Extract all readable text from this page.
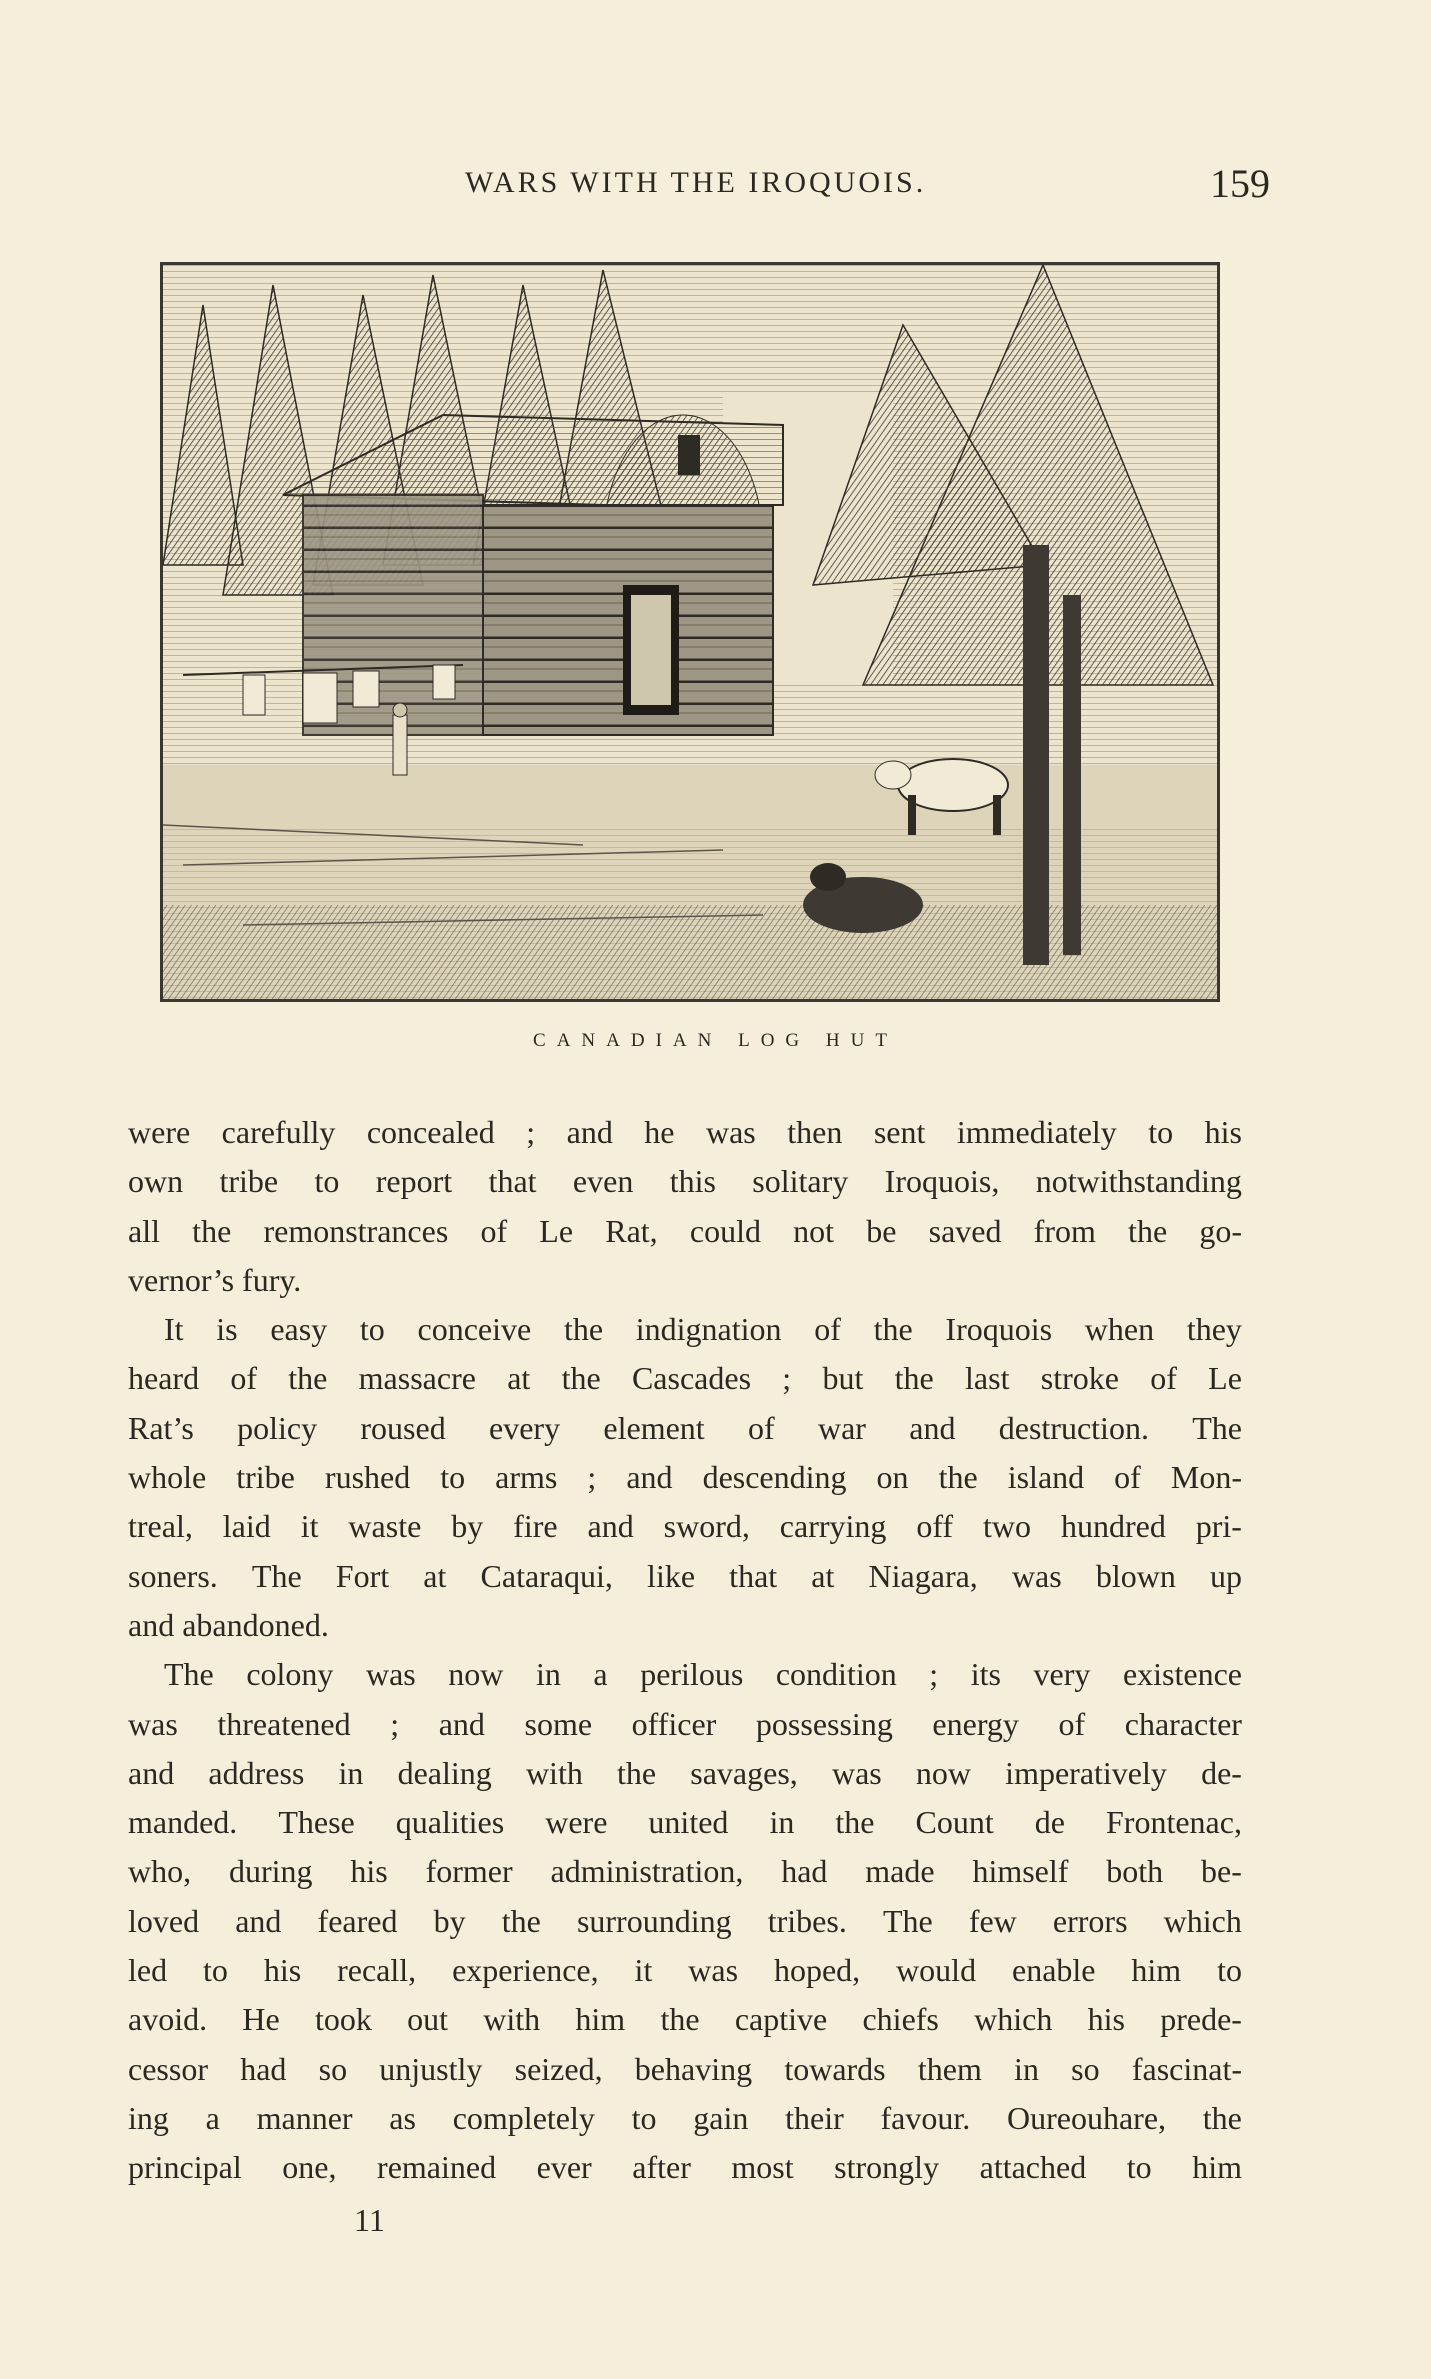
WARS WITH THE IROQUOIS.	159
CANADIAN LOG HUT
were carefully concealed ; and he was then sent immediately to his
own tribe to report that even this solitary Iroquois, notwithstanding
all the remonstrances of Le Rat, could not be saved from the go-
vernor’s fury.
It is easy to conceive the indignation of the Iroquois when they
heard of the massacre at the Cascades ; but the last stroke of Le
Rat’s policy roused every element of war and destruction. The
whole tribe rushed to arms ; and descending on the island of Mon-
treal, laid it waste by fire and sword, carrying off two hundred pri-
soners. The Fort at Cataraqui, like that at Niagara, was blown up
and abandoned.
The colony was now in a perilous condition ; its very existence
was threatened ; and some officer possessing energy of character
and address in dealing with the savages, was now imperatively de-
manded. These qualities were united in the Count de Frontenac,
who, during his former administration, had made himself both be-
loved and feared by the surrounding tribes. The few errors which
led to his recall, experience, it was hoped, would enable him to
avoid. He took out with him the captive chiefs which his prede-
cessor had so unjustly seized, behaving towards them in so fascinat-
ing a manner as completely to gain their favour. Oureouhare, the
principal one, remained ever after most strongly attached to him
11
